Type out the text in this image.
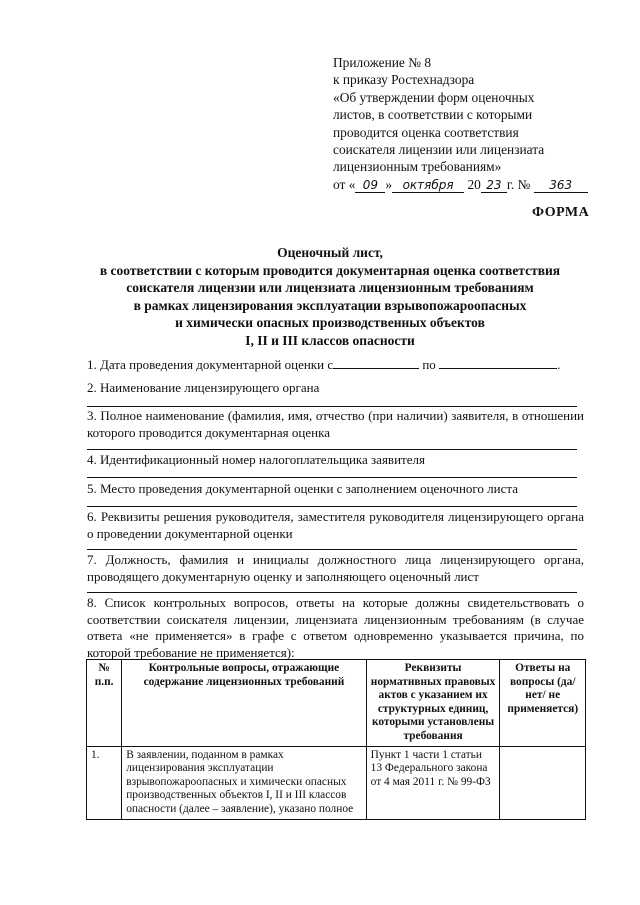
Приложение № 8
к приказу Ростехнадзора
«Об утверждении форм оценочных
листов, в соответствии с которыми
проводится оценка соответствия
соискателя лицензии или лицензиата
лицензионным требованиям»
от « 09 » октября 20 23 г. № 363
ФОРМА
Оценочный лист,
в соответствии с которым проводится документарная оценка соответствия
соискателя лицензии или лицензиата лицензионным требованиям
в рамках лицензирования эксплуатации взрывопожароопасных
и химически опасных производственных объектов
I, II и III классов опасности
1. Дата проведения документарной оценки с	по	.
2. Наименование лицензирующего органа
3. Полное наименование (фамилия, имя, отчество (при наличии) заявителя, в отношении которого проводится документарная оценка
4. Идентификационный номер налогоплательщика заявителя
5. Место проведения документарной оценки с заполнением оценочного листа
6. Реквизиты решения руководителя, заместителя руководителя лицензирующего органа о проведении документарной оценки
7. Должность, фамилия и инициалы должностного лица лицензирующего органа, проводящего документарную оценку и заполняющего оценочный лист
8. Список контрольных вопросов, ответы на которые должны свидетельствовать о соответствии соискателя лицензии, лицензиата лицензионным требованиям (в случае ответа «не применяется» в графе с ответом одновременно указывается причина, по которой требование не применяется):
№ п.п.	Контрольные вопросы, отражающие содержание лицензионных требований	Реквизиты нормативных правовых актов с указанием их структурных единиц, которыми установлены требования	Ответы на вопросы (да/нет/ не применяется)
1.	В заявлении, поданном в рамках лицензирования эксплуатации взрывопожароопасных и химически опасных производственных объектов I, II и III классов опасности (далее – заявление), указано полное	Пункт 1 части 1 статьи 13 Федерального закона от 4 мая 2011 г. № 99-ФЗ	
